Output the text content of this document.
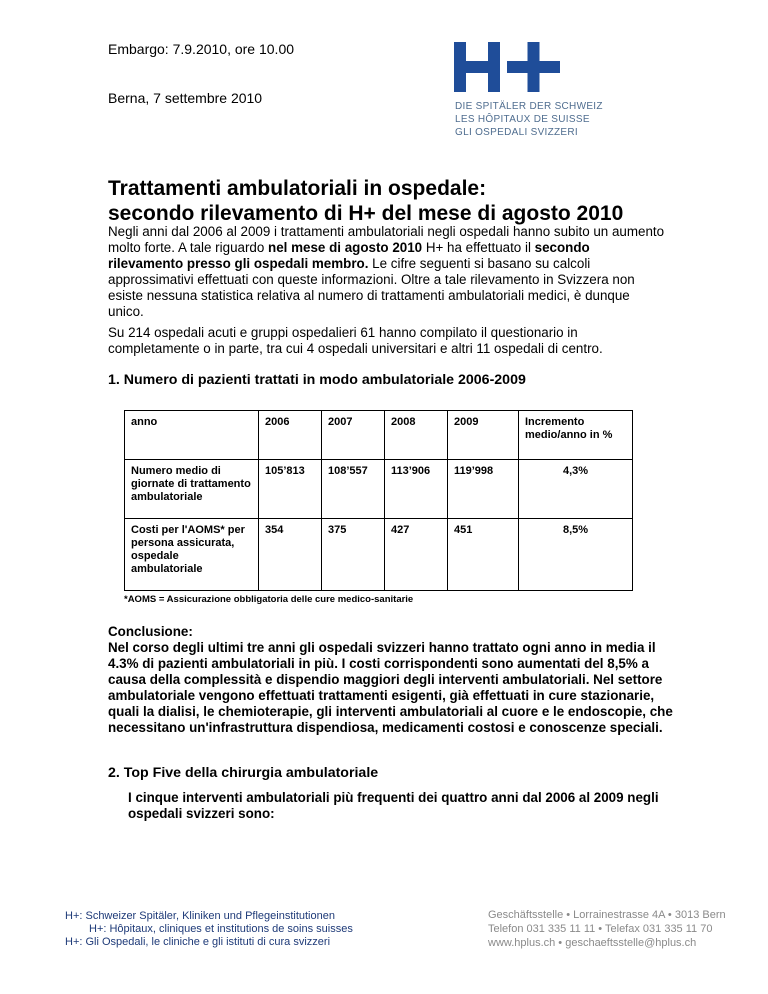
Embargo: 7.9.2010, ore 10.00
Berna, 7 settembre 2010
DIE SPITÄLER DER SCHWEIZ
LES HÔPITAUX DE SUISSE
GLI OSPEDALI SVIZZERI
Trattamenti ambulatoriali in ospedale:
secondo rilevamento di H+ del mese di agosto 2010
Negli anni dal 2006 al 2009 i trattamenti ambulatoriali negli ospedali hanno subito un aumento molto forte. A tale riguardo nel mese di agosto 2010 H+ ha effettuato il secondo rilevamento presso gli ospedali membro. Le cifre seguenti si basano su calcoli approssimativi effettuati con queste informazioni. Oltre a tale rilevamento in Svizzera non esiste nessuna statistica relativa al numero di trattamenti ambulatoriali medici, è dunque unico.
Su 214 ospedali acuti e gruppi ospedalieri 61 hanno compilato il questionario in completamente o in parte, tra cui 4 ospedali universitari e altri 11 ospedali di centro.
1. Numero di pazienti trattati in modo ambulatoriale 2006-2009
anno	2006	2007	2008	2009	Incremento medio/anno in %
Numero medio di giornate di trattamento ambulatoriale	105’813	108’557	113’906	119’998	4,3%
Costi per l'AOMS* per persona assicurata, ospedale ambulatoriale	354	375	427	451	8,5%
*AOMS = Assicurazione obbligatoria delle cure medico-sanitarie
Conclusione:
Nel corso degli ultimi tre anni gli ospedali svizzeri hanno trattato ogni anno in media il 4.3% di pazienti ambulatoriali in più. I costi corrispondenti sono aumentati del 8,5% a causa della complessità e dispendio maggiori degli interventi ambulatoriali. Nel settore ambulatoriale vengono effettuati trattamenti esigenti, già effettuati in cure stazionarie, quali la dialisi, le chemioterapie, gli interventi ambulatoriali al cuore e le endoscopie, che necessitano un'infrastruttura dispendiosa, medicamenti costosi e conoscenze speciali.
2. Top Five della chirurgia ambulatoriale
I cinque interventi ambulatoriali più frequenti dei quattro anni dal 2006 al 2009 negli ospedali svizzeri sono:
H+: Schweizer Spitäler, Kliniken und Pflegeinstitutionen
H+: Hôpitaux, cliniques et institutions de soins suisses
H+: Gli Ospedali, le cliniche e gli istituti di cura svizzeri
Geschäftsstelle • Lorrainestrasse 4A • 3013 Bern
Telefon 031 335 11 11 • Telefax 031 335 11 70
www.hplus.ch • geschaeftsstelle@hplus.ch
